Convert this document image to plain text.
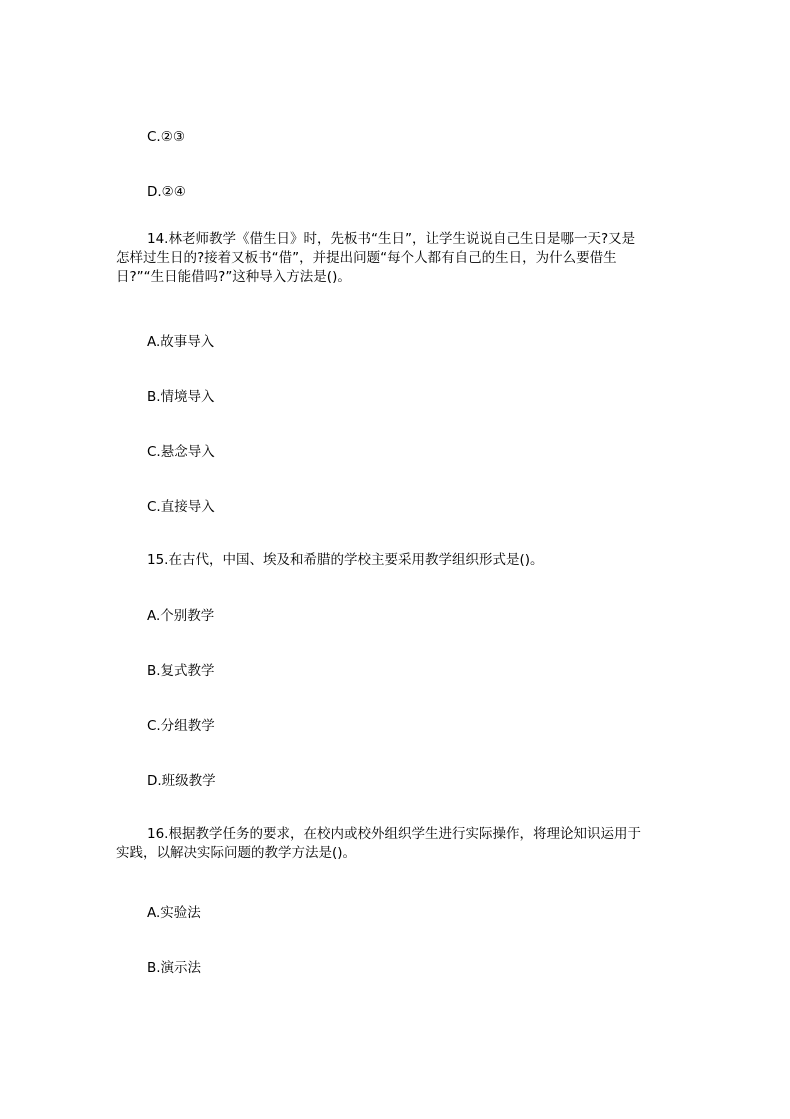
C.②③
D.②④
14.林老师教学《借生日》时，先板书“生日”，让学生说说自己生日是哪一天?又是
怎样过生日的?接着又板书“借”，并提出问题“每个人都有自己的生日，为什么要借生
日?”“生日能借吗?”这种导入方法是()。
A.故事导入
B.情境导入
C.悬念导入
C.直接导入
15.在古代，中国、埃及和希腊的学校主要采用教学组织形式是()。
A.个别教学
B.复式教学
C.分组教学
D.班级教学
16.根据教学任务的要求，在校内或校外组织学生进行实际操作，将理论知识运用于
实践，以解决实际问题的教学方法是()。
A.实验法
B.演示法
